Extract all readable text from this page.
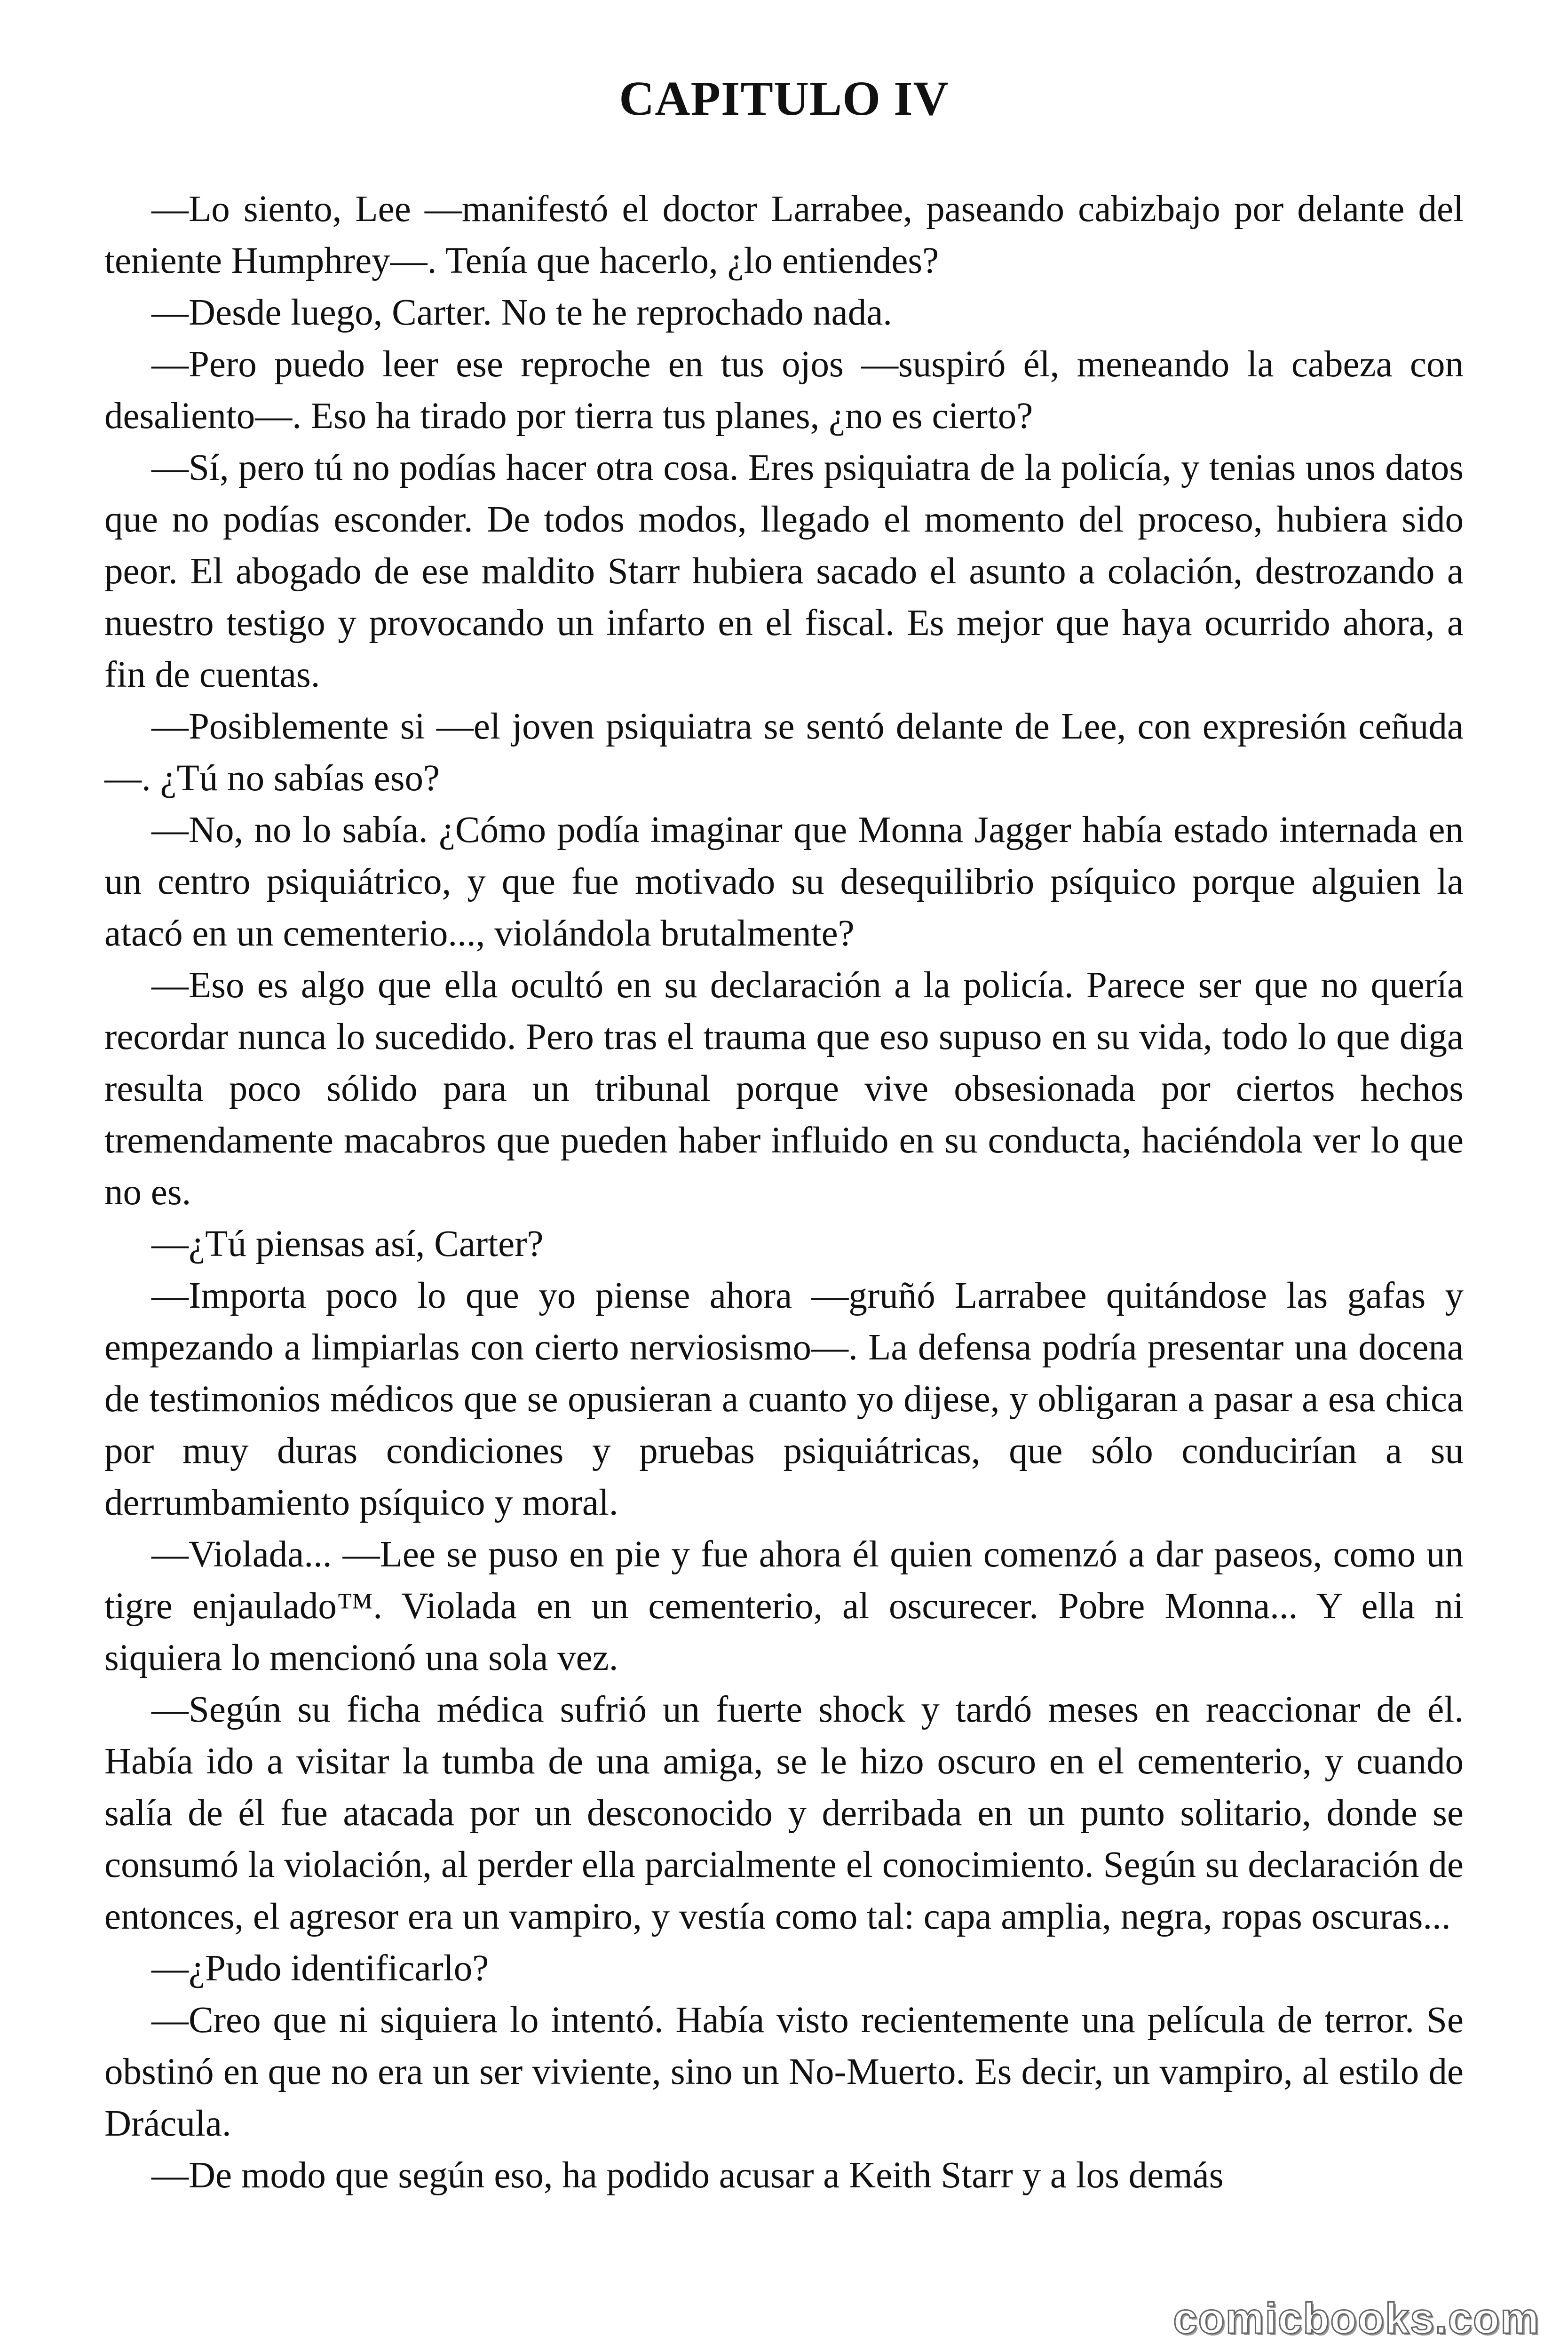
CAPITULO IV

—Lo siento, Lee —manifestó el doctor Larrabee, paseando cabizbajo por delante del teniente Humphrey—. Tenía que hacerlo, ¿lo entiendes?

—Desde luego, Carter. No te he reprochado nada.

—Pero puedo leer ese reproche en tus ojos —suspiró él, meneando la cabeza con desaliento—. Eso ha tirado por tierra tus planes, ¿no es cierto?

—Sí, pero tú no podías hacer otra cosa. Eres psiquiatra de la policía, y tenias unos datos que no podías esconder. De todos modos, llegado el momento del proceso, hubiera sido peor. El abogado de ese maldito Starr hubiera sacado el asunto a colación, destrozando a nuestro testigo y provocando un infarto en el fiscal. Es mejor que haya ocurrido ahora, a fin de cuentas.

—Posiblemente si —el joven psiquiatra se sentó delante de Lee, con expresión ceñuda—. ¿Tú no sabías eso?

—No, no lo sabía. ¿Cómo podía imaginar que Monna Jagger había estado internada en un centro psiquiátrico, y que fue motivado su desequilibrio psíquico porque alguien la atacó en un cementerio..., violándola brutalmente?

—Eso es algo que ella ocultó en su declaración a la policía. Parece ser que no quería recordar nunca lo sucedido. Pero tras el trauma que eso supuso en su vida, todo lo que diga resulta poco sólido para un tribunal porque vive obsesionada por ciertos hechos tremendamente macabros que pueden haber influido en su conducta, haciéndola ver lo que no es.

—¿Tú piensas así, Carter?

—Importa poco lo que yo piense ahora —gruñó Larrabee quitándose las gafas y empezando a limpiarlas con cierto nerviosismo—. La defensa podría presentar una docena de testimonios médicos que se opusieran a cuanto yo dijese, y obligaran a pasar a esa chica por muy duras condiciones y pruebas psiquiátricas, que sólo conducirían a su derrumbamiento psíquico y moral.

—Violada... —Lee se puso en pie y fue ahora él quien comenzó a dar paseos, como un tigre enjaulado™. Violada en un cementerio, al oscurecer. Pobre Monna... Y ella ni siquiera lo mencionó una sola vez.

—Según su ficha médica sufrió un fuerte shock y tardó meses en reaccionar de él. Había ido a visitar la tumba de una amiga, se le hizo oscuro en el cementerio, y cuando salía de él fue atacada por un desconocido y derribada en un punto solitario, donde se consumó la violación, al perder ella parcialmente el conocimiento. Según su declaración de entonces, el agresor era un vampiro, y vestía como tal: capa amplia, negra, ropas oscuras...

—¿Pudo identificarlo?

—Creo que ni siquiera lo intentó. Había visto recientemente una película de terror. Se obstinó en que no era un ser viviente, sino un No-Muerto. Es decir, un vampiro, al estilo de Drácula.

—De modo que según eso, ha podido acusar a Keith Starr y a los demás

comicbooks.com
